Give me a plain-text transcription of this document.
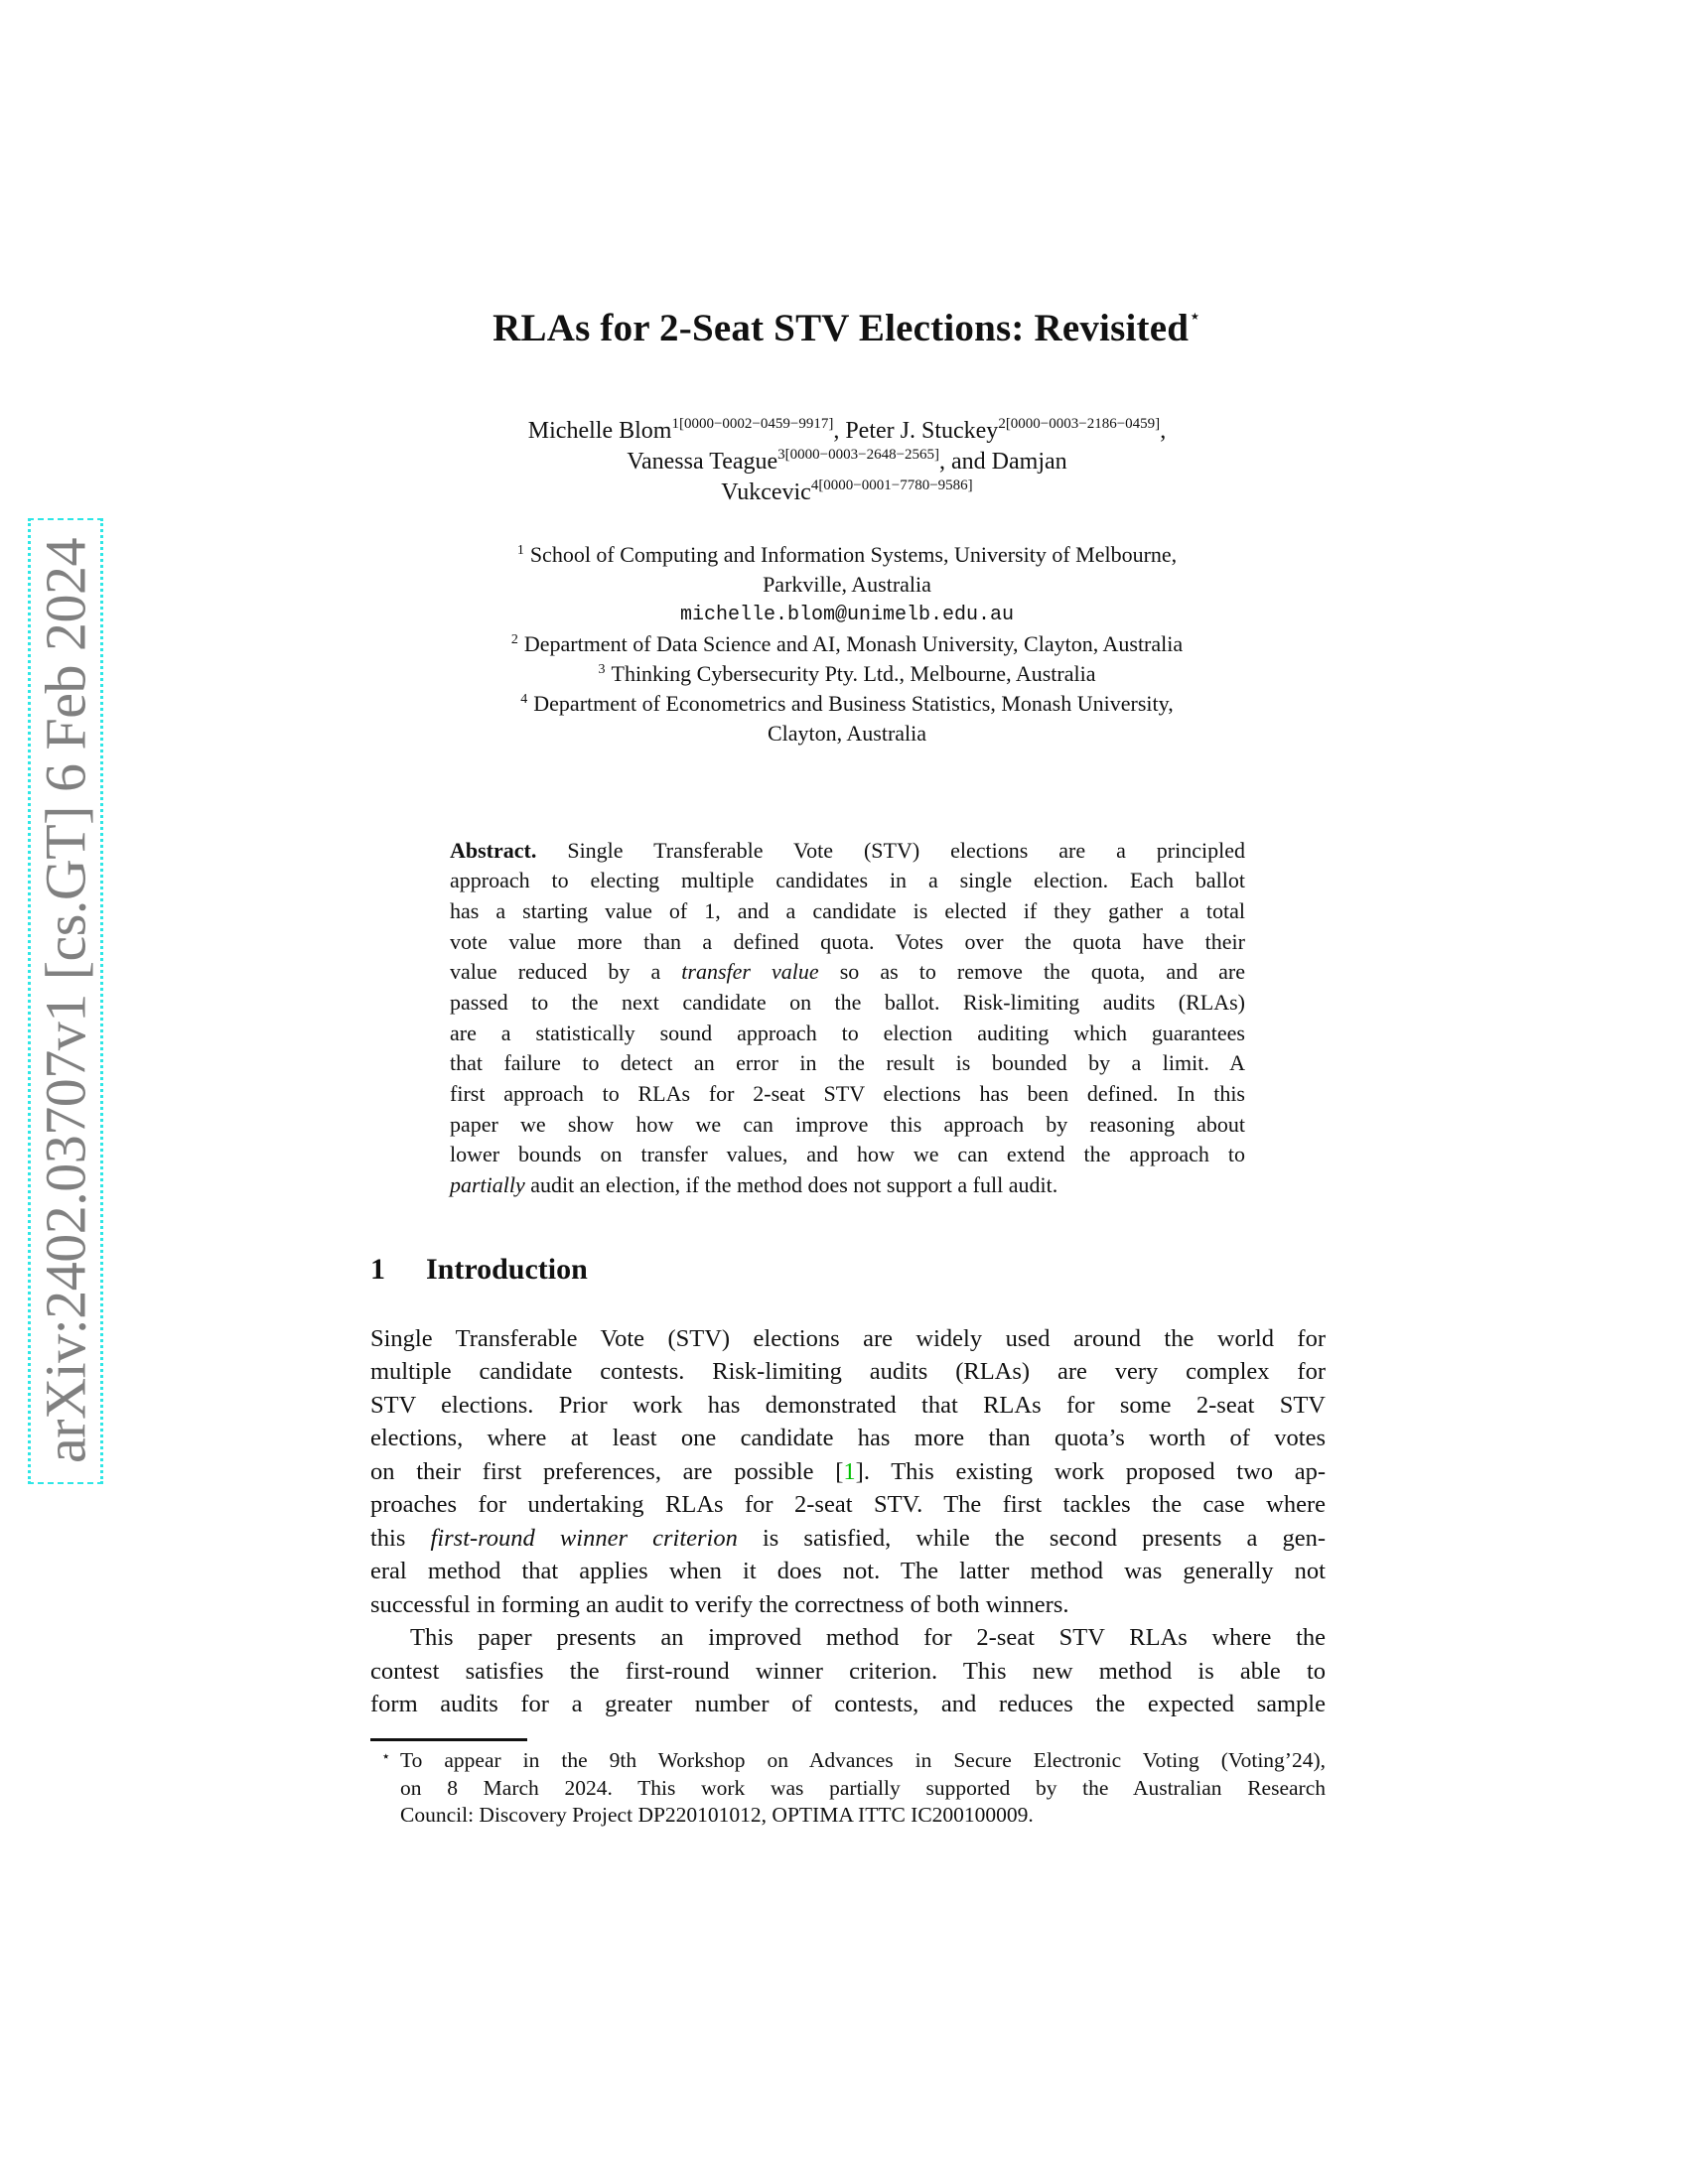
arXiv:2402.03707v1 [cs.GT] 6 Feb 2024
RLAs for 2-Seat STV Elections: Revisited⋆
Michelle Blom$^{1[0000-0002-0459-9917]}$, Peter J. Stuckey$^{2[0000-0003-2186-0459]}$,
Vanessa Teague$^{3[0000-0003-2648-2565]}$, and Damjan
Vukcevic$^{4[0000-0001-7780-9586]}$
$^1$ School of Computing and Information Systems, University of Melbourne,
Parkville, Australia
michelle.blom@unimelb.edu.au
$^2$ Department of Data Science and AI, Monash University, Clayton, Australia
$^3$ Thinking Cybersecurity Pty. Ltd., Melbourne, Australia
$^4$ Department of Econometrics and Business Statistics, Monash University,
Clayton, Australia
Abstract. Single Transferable Vote (STV) elections are a principled
approach to electing multiple candidates in a single election. Each ballot
has a starting value of 1, and a candidate is elected if they gather a total
vote value more than a defined quota. Votes over the quota have their
value reduced by a transfer value so as to remove the quota, and are
passed to the next candidate on the ballot. Risk-limiting audits (RLAs)
are a statistically sound approach to election auditing which guarantees
that failure to detect an error in the result is bounded by a limit. A
first approach to RLAs for 2-seat STV elections has been defined. In this
paper we show how we can improve this approach by reasoning about
lower bounds on transfer values, and how we can extend the approach to
partially audit an election, if the method does not support a full audit.
1 Introduction
Single Transferable Vote (STV) elections are widely used around the world for
multiple candidate contests. Risk-limiting audits (RLAs) are very complex for
STV elections. Prior work has demonstrated that RLAs for some 2-seat STV
elections, where at least one candidate has more than quota’s worth of votes
on their first preferences, are possible [1]. This existing work proposed two ap-
proaches for undertaking RLAs for 2-seat STV. The first tackles the case where
this first-round winner criterion is satisfied, while the second presents a gen-
eral method that applies when it does not. The latter method was generally not
successful in forming an audit to verify the correctness of both winners.
This paper presents an improved method for 2-seat STV RLAs where the
contest satisfies the first-round winner criterion. This new method is able to
form audits for a greater number of contests, and reduces the expected sample
⋆ To appear in the 9th Workshop on Advances in Secure Electronic Voting (Voting’24),
on 8 March 2024. This work was partially supported by the Australian Research
Council: Discovery Project DP220101012, OPTIMA ITTC IC200100009.
